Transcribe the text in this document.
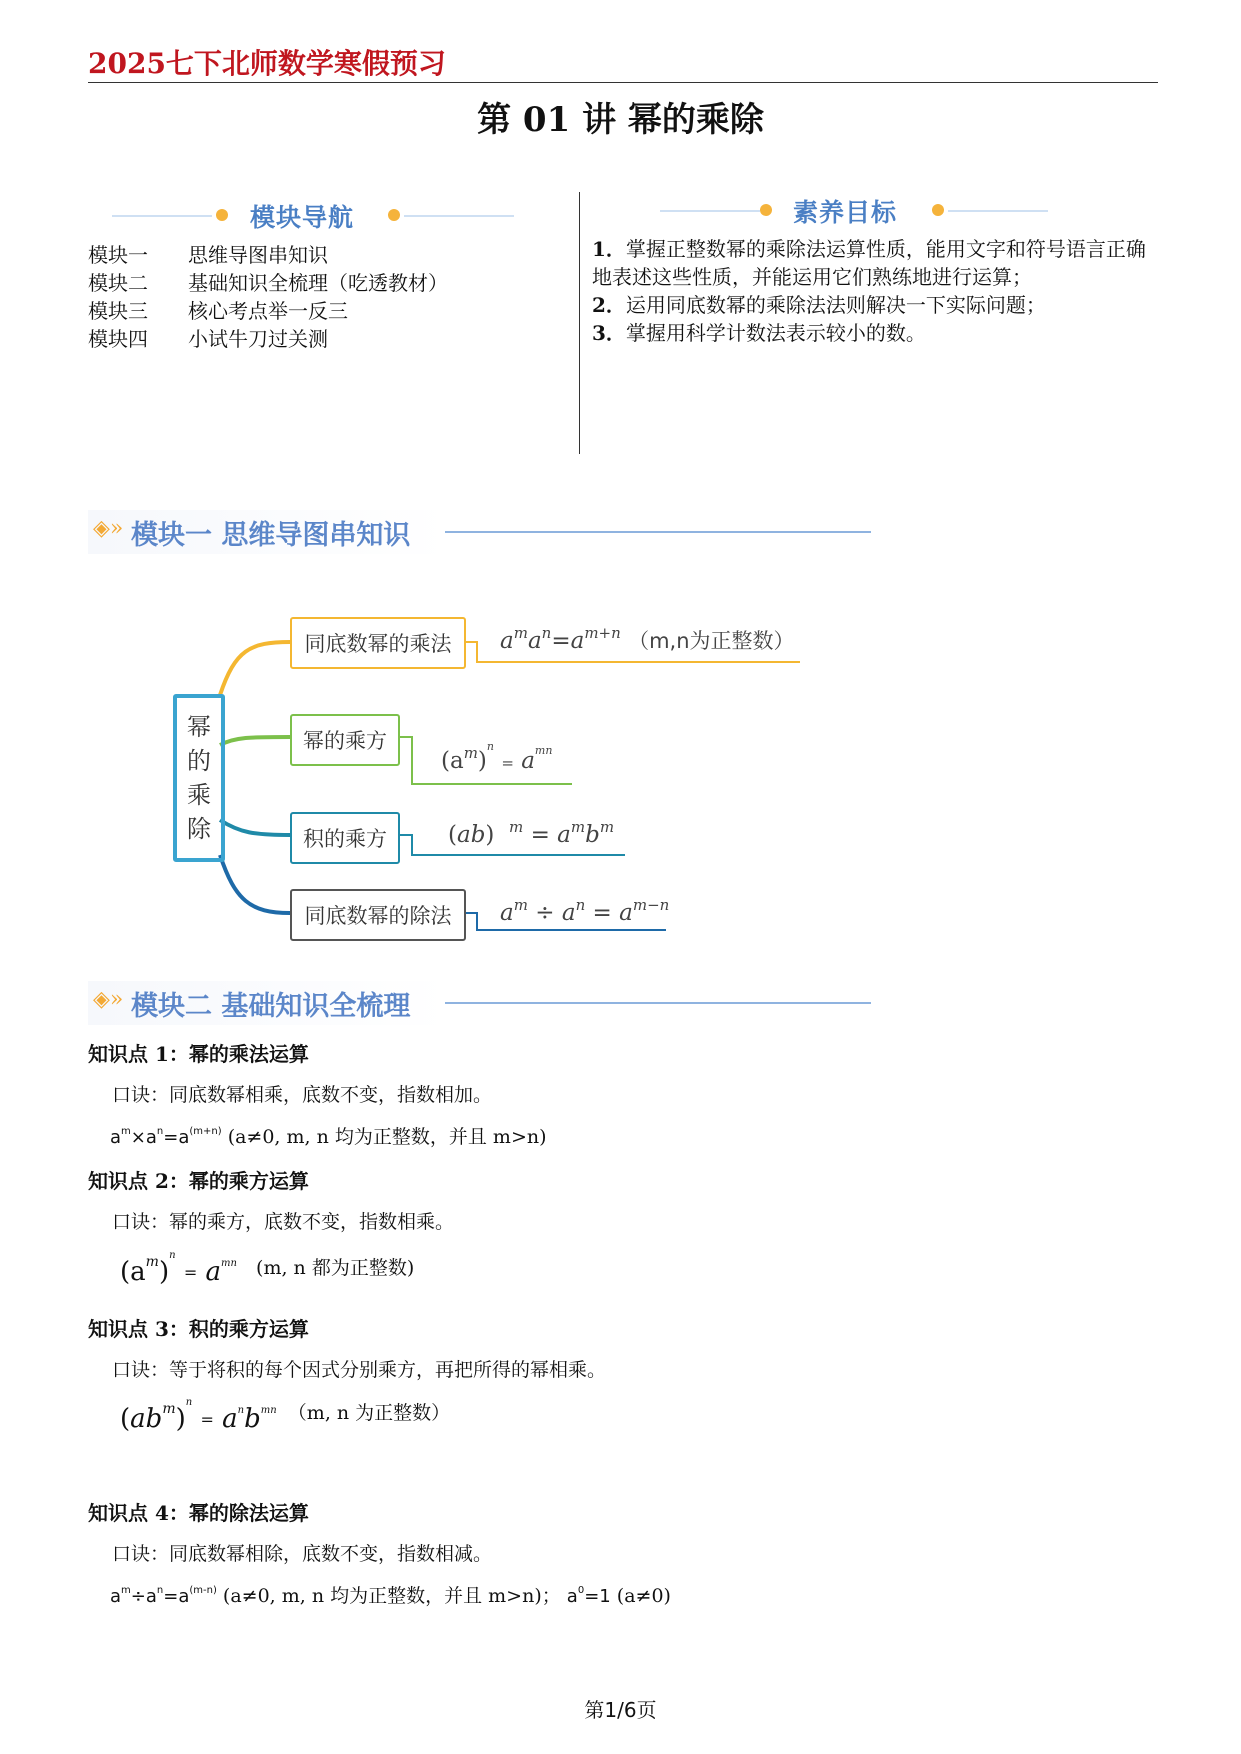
2025七下北师数学寒假预习
第 01 讲 幂的乘除
模块导航
模块一 思维导图串知识
模块二 基础知识全梳理（吃透教材）
模块三 核心考点举一反三
模块四 小试牛刀过关测
素养目标

1．掌握正整数幂的乘除法运算性质，能用文字和符号语言正确地表述这些性质，并能运用它们熟练地进行运算；

2．运用同底数幂的乘除法法则解决一下实际问题；

3．掌握用科学计数法表示较小的数。

◈» 模块一 思维导图串知识
幂
的
乘
除
同底数幂的乘法
幂的乘方
积的乘方
同底数幂的除法
$a^ma^n=a^{m+n}$ （m,n为正整数）
$(a^m)^n = a^{mn}$
(ab)  $^m = a^mb^m$
$a^m \div a^n = a^{m-n}$
◈» 模块二 基础知识全梳理
知识点 1：幂的乘法运算
口诀：同底数幂相乘，底数不变，指数相加。
$a^m\times a^n=a^{(m+n)}$ (a≠0, m, n 均为正整数，并且 m>n)
知识点 2：幂的乘方运算
口诀：幂的乘方，底数不变，指数相乘。
$(a^m)^n = a^{mn}$ (m, n 都为正整数)
知识点 3：积的乘方运算
口诀：等于将积的每个因式分别乘方，再把所得的幂相乘。
$(ab^m)^n = a^nb^{mn}$ （m, n 为正整数）
知识点 4：幂的除法运算
口诀：同底数幂相除，底数不变，指数相减。
$a^m\div a^n=a^{(m-n)}$ (a≠0, m, n 均为正整数，并且 m>n)； $a^0=1$ (a≠0)
第1/6页
